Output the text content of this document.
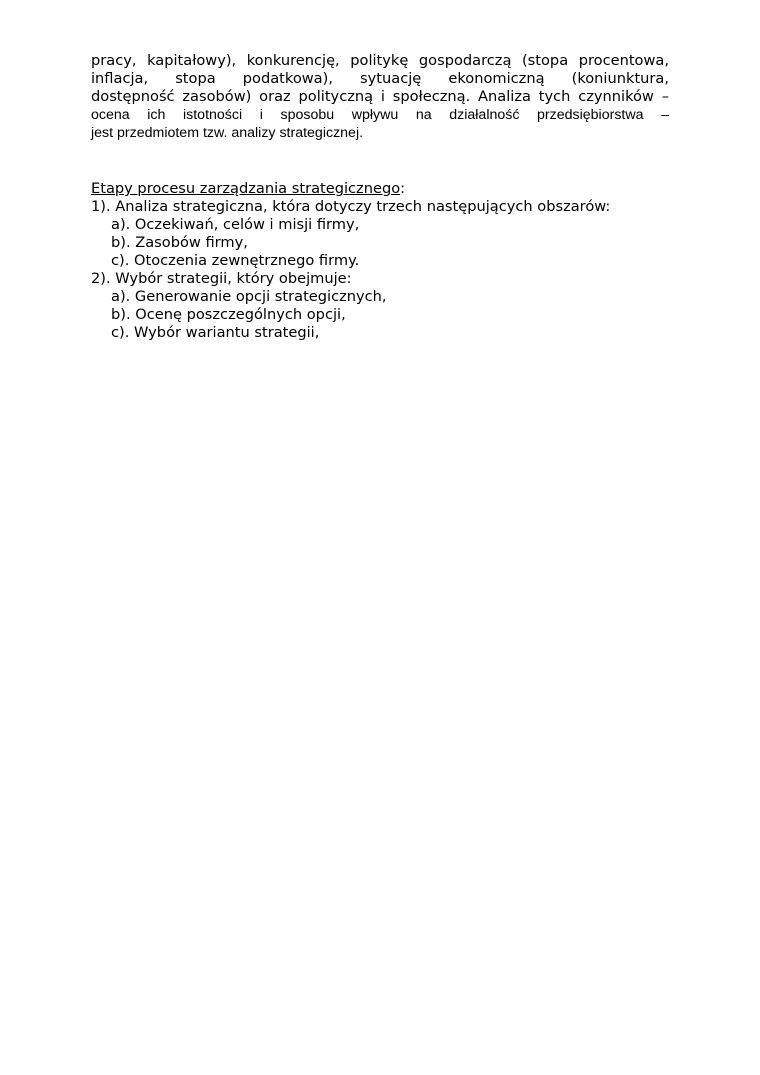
pracy, kapitałowy), konkurencję, politykę gospodarczą (stopa procentowa,
inflacja, stopa podatkowa), sytuację ekonomiczną (koniunktura,
dostępność zasobów) oraz polityczną i społeczną. Analiza tych czynników –
ocena ich istotności i sposobu wpływu na działalność przedsiębiorstwa –
jest przedmiotem tzw. analizy strategicznej.
Etapy procesu zarządzania strategicznego:
1). Analiza strategiczna, która dotyczy trzech następujących obszarów:
a). Oczekiwań, celów i misji firmy,
b). Zasobów firmy,
c). Otoczenia zewnętrznego firmy.
2). Wybór strategii, który obejmuje:
a). Generowanie opcji strategicznych,
b). Ocenę poszczególnych opcji,
c). Wybór wariantu strategii,
